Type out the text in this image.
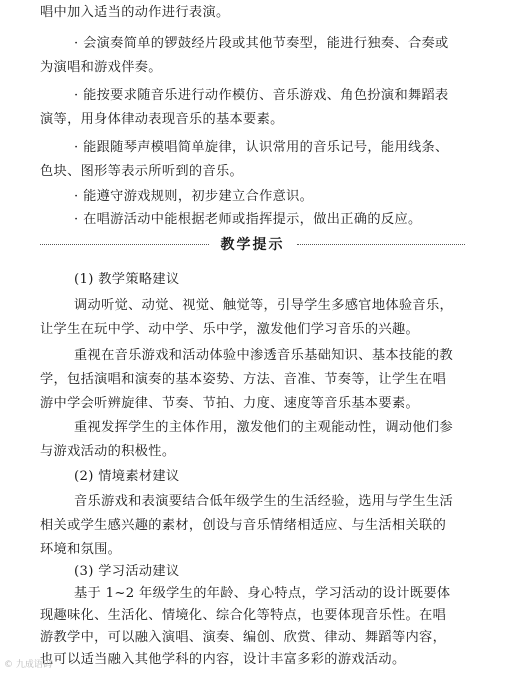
唱中加入适当的动作进行表演。
· 会演奏简单的锣鼓经片段或其他节奏型，能进行独奏、合奏或
为演唱和游戏伴奏。
· 能按要求随音乐进行动作模仿、音乐游戏、角色扮演和舞蹈表
演等，用身体律动表现音乐的基本要素。
· 能跟随琴声模唱简单旋律，认识常用的音乐记号，能用线条、
色块、图形等表示所听到的音乐。
· 能遵守游戏规则，初步建立合作意识。
· 在唱游活动中能根据老师或指挥提示，做出正确的反应。
教学提示
(1) 教学策略建议
调动听觉、动觉、视觉、触觉等，引导学生多感官地体验音乐，
让学生在玩中学、动中学、乐中学，激发他们学习音乐的兴趣。
重视在音乐游戏和活动体验中渗透音乐基础知识、基本技能的教
学，包括演唱和演奏的基本姿势、方法、音准、节奏等，让学生在唱
游中学会听辨旋律、节奏、节拍、力度、速度等音乐基本要素。
重视发挥学生的主体作用，激发他们的主观能动性，调动他们参
与游戏活动的积极性。
(2) 情境素材建议
音乐游戏和表演要结合低年级学生的生活经验，选用与学生生活
相关或学生感兴趣的素材，创设与音乐情绪相适应、与生活相关联的
环境和氛围。
(3) 学习活动建议
基于 1~2 年级学生的年龄、身心特点，学习活动的设计既要体
现趣味化、生活化、情境化、综合化等特点，也要体现音乐性。在唱
游教学中，可以融入演唱、演奏、编创、欣赏、律动、舞蹈等内容，
也可以适当融入其他学科的内容，设计丰富多彩的游戏活动。
© 九成语码
